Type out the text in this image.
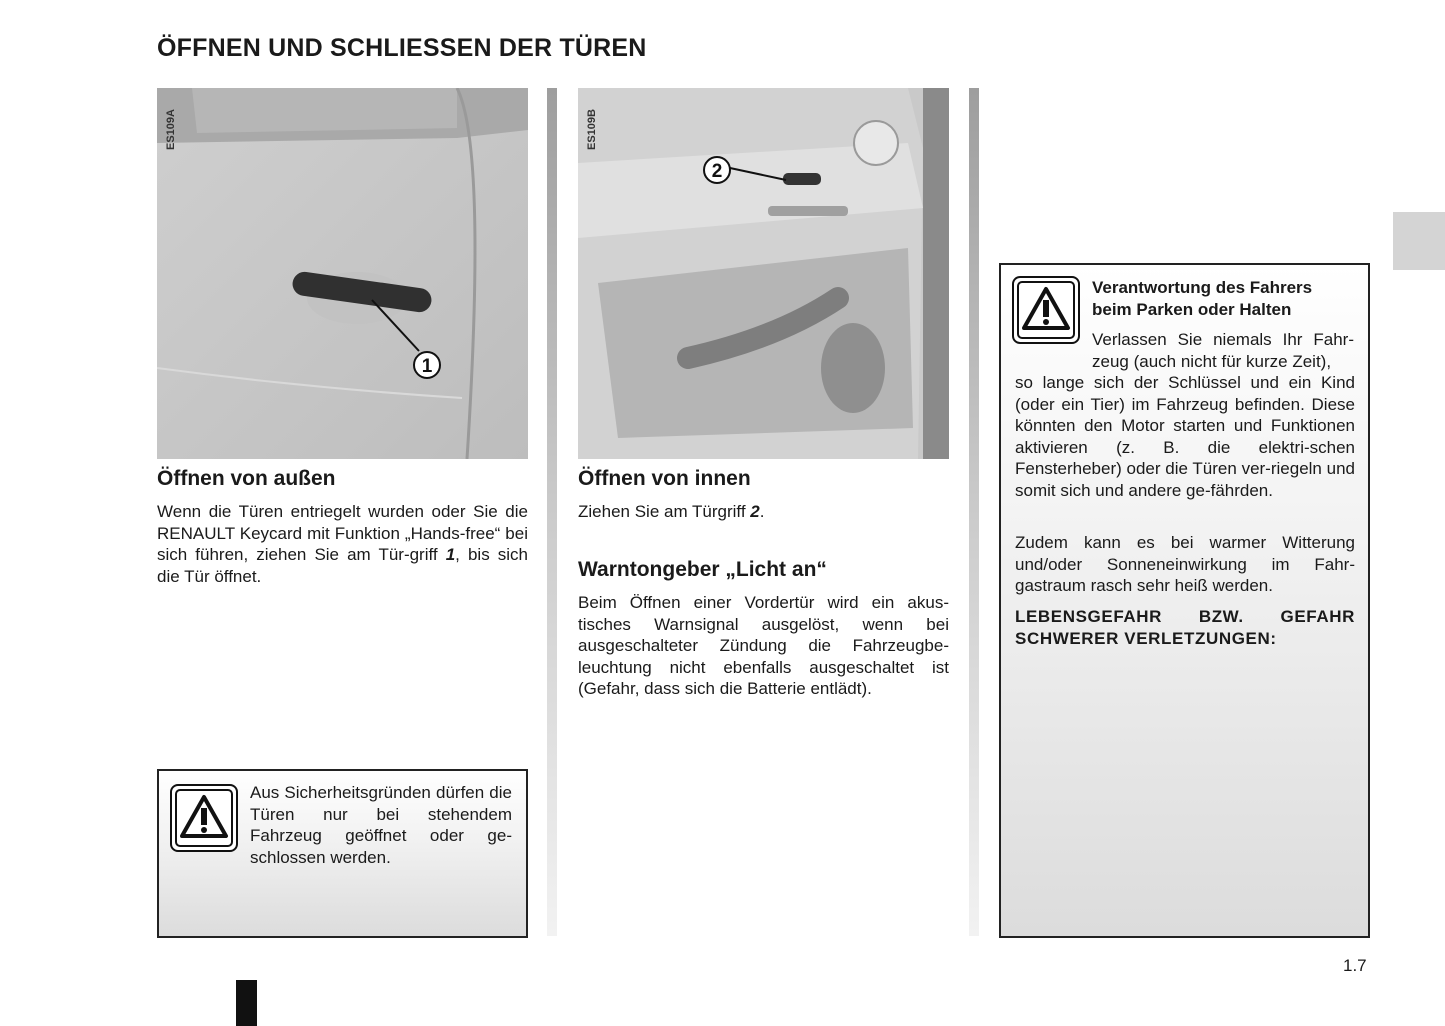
ÖFFNEN UND SCHLIESSEN DER TÜREN
1
ES109A
Öffnen von außen

Wenn die Türen entriegelt wurden oder Sie die RENAULT Keycard mit Funktion „Hands-free“ bei sich führen, ziehen Sie am Tür-griff 1, bis sich die Tür öffnet.

Aus Sicherheitsgründen dürfen die Türen nur bei stehendem Fahrzeug geöffnet oder ge-schlossen werden.
2
ES109B
Öffnen von innen

Ziehen Sie am Türgriff 2.

Warntongeber „Licht an“
Beim Öffnen einer Vordertür wird ein akus-tisches Warnsignal ausgelöst, wenn bei ausgeschalteter Zündung die Fahrzeugbe-leuchtung nicht ebenfalls ausgeschaltet ist (Gefahr, dass sich die Batterie entlädt).
Verantwortung des Fahrers beim Parken oder Halten
Verlassen Sie niemals Ihr Fahr-zeug (auch nicht für kurze Zeit),
so lange sich der Schlüssel und ein Kind (oder ein Tier) im Fahrzeug befinden. Diese könnten den Motor starten und Funktionen aktivieren (z. B. die elektri-schen Fensterheber) oder die Türen ver-riegeln und somit sich und andere ge-fährden.
Zudem kann es bei warmer Witterung und/oder Sonneneinwirkung im Fahr-gastraum rasch sehr heiß werden.
LEBENSGEFAHR BZW. GEFAHR SCHWERER VERLETZUNGEN:
1.7
